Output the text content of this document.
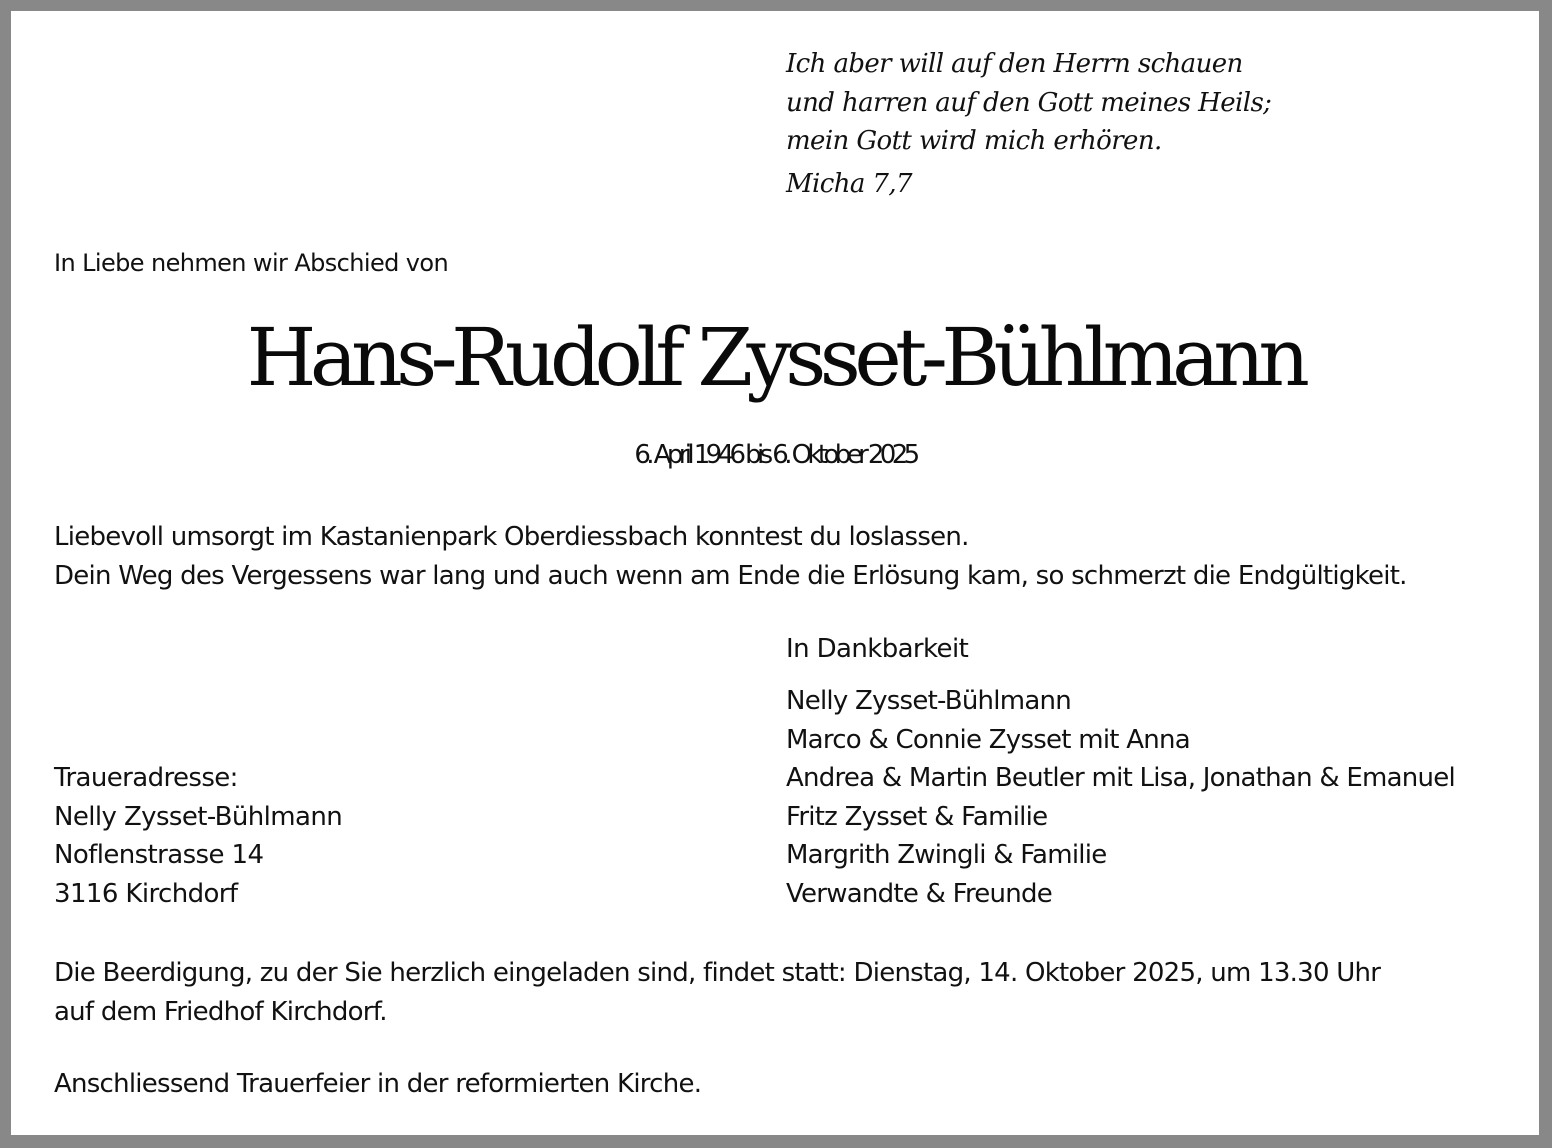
Ich aber will auf den Herrn schauen
und harren auf den Gott meines Heils;
mein Gott wird mich erhören.
Micha 7,7
In Liebe nehmen wir Abschied von
Hans-Rudolf Zysset-Bühlmann
6. April 1946 bis 6. Oktober 2025
Liebevoll umsorgt im Kastanienpark Oberdiessbach konntest du loslassen.
Dein Weg des Vergessens war lang und auch wenn am Ende die Erlösung kam, so schmerzt die Endgültigkeit.
In Dankbarkeit
Nelly Zysset-Bühlmann
Marco & Connie Zysset mit Anna
Andrea & Martin Beutler mit Lisa, Jonathan & Emanuel
Fritz Zysset & Familie
Margrith Zwingli & Familie
Verwandte & Freunde
Traueradresse:
Nelly Zysset-Bühlmann
Noflenstrasse 14
3116 Kirchdorf
Die Beerdigung, zu der Sie herzlich eingeladen sind, findet statt: Dienstag, 14. Oktober 2025, um 13.30 Uhr
auf dem Friedhof Kirchdorf.
Anschliessend Trauerfeier in der reformierten Kirche.
